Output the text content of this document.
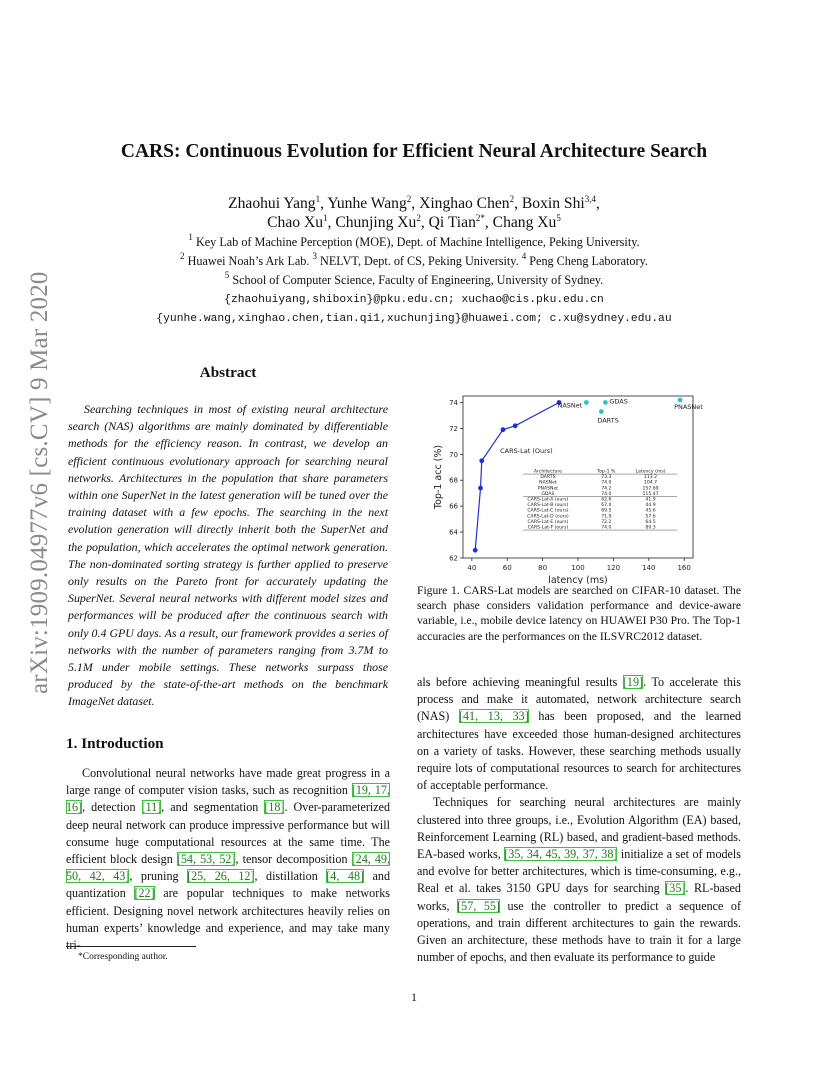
arXiv:1909.04977v6 [cs.CV] 9 Mar 2020
CARS: Continuous Evolution for Efficient Neural Architecture Search
Zhaohui Yang$^1$, Yunhe Wang$^2$, Xinghao Chen$^2$, Boxin Shi$^{3,4}$,
Chao Xu$^1$, Chunjing Xu$^2$, Qi Tian$^{2*}$, Chang Xu$^5$
$^1$ Key Lab of Machine Perception (MOE), Dept. of Machine Intelligence, Peking University.
$^2$ Huawei Noah’s Ark Lab. $^3$ NELVT, Dept. of CS, Peking University. $^4$ Peng Cheng Laboratory.
$^5$ School of Computer Science, Faculty of Engineering, University of Sydney.
{zhaohuiyang,shiboxin}@pku.edu.cn; xuchao@cis.pku.edu.cn
{yunhe.wang,xinghao.chen,tian.qi1,xuchunjing}@huawei.com; c.xu@sydney.edu.au
Abstract
Searching techniques in most of existing neural architecture search (NAS) algorithms are mainly dominated by differentiable methods for the efficiency reason. In contrast, we develop an efficient continuous evolutionary approach for searching neural networks. Architectures in the population that share parameters within one SuperNet in the latest generation will be tuned over the training dataset with a few epochs. The searching in the next evolution generation will directly inherit both the SuperNet and the population, which accelerates the optimal network generation. The non-dominated sorting strategy is further applied to preserve only results on the Pareto front for accurately updating the SuperNet. Several neural networks with different model sizes and performances will be produced after the continuous search with only 0.4 GPU days. As a result, our framework provides a series of networks with the number of parameters ranging from 3.7M to 5.1M under mobile settings. These networks surpass those produced by the state-of-the-art methods on the benchmark ImageNet dataset.
1. Introduction
Convolutional neural networks have made great progress in a large range of computer vision tasks, such as recognition [19, 17, 16], detection [11], and segmentation [18]. Over-parameterized deep neural network can produce impressive performance but will consume huge computational resources at the same time. The efficient block design [54, 53, 52], tensor decomposition [24, 49, 50, 42, 43], pruning [25, 26, 12], distillation [4, 48] and quantization [22] are popular techniques to make networks efficient. Designing novel network architectures heavily relies on human experts’ knowledge and experience, and may take many tri-
*Corresponding author.
40	60	80	100	120	140	160
62
64
66
68
70
72
74
latency (ms)
Top-1 acc (%)	CARS-Lat (Ours)
DARTS
NASNet	PNASNet
GDAS
Architecture	Top-1 %	Latency (ms)
DARTS	73.3	113.2
NASNet	74.0	104.7
PNASNet	74.2	157.69
GDAS	74.0	115.47
CARS-Lat-A (ours)	62.6	41.9
CARS-Lat-B (ours)	67.4	44.9
CARS-Lat-C (ours)	69.5	45.6
CARS-Lat-D (ours)	71.9	57.6
CARS-Lat-E (ours)	72.2	64.5
CARS-Lat-F (ours)	74.0	89.3
Figure 1. CARS-Lat models are searched on CIFAR-10 dataset. The search phase considers validation performance and device-aware variable, i.e., mobile device latency on HUAWEI P30 Pro. The Top-1 accuracies are the performances on the ILSVRC2012 dataset.

als before achieving meaningful results [19]. To accelerate this process and make it automated, network architecture search (NAS) [41, 13, 33] has been proposed, and the learned architectures have exceeded those human-designed architectures on a variety of tasks. However, these searching methods usually require lots of computational resources to search for architectures of acceptable performance.

Techniques for searching neural architectures are mainly clustered into three groups, i.e., Evolution Algorithm (EA) based, Reinforcement Learning (RL) based, and gradient-based methods. EA-based works, [35, 34, 45, 39, 37, 38] initialize a set of models and evolve for better architectures, which is time-consuming, e.g., Real et al. takes 3150 GPU days for searching [35]. RL-based works, [57, 55] use the controller to predict a sequence of operations, and train different architectures to gain the rewards. Given an architecture, these methods have to train it for a large number of epochs, and then evaluate its performance to guide

1
